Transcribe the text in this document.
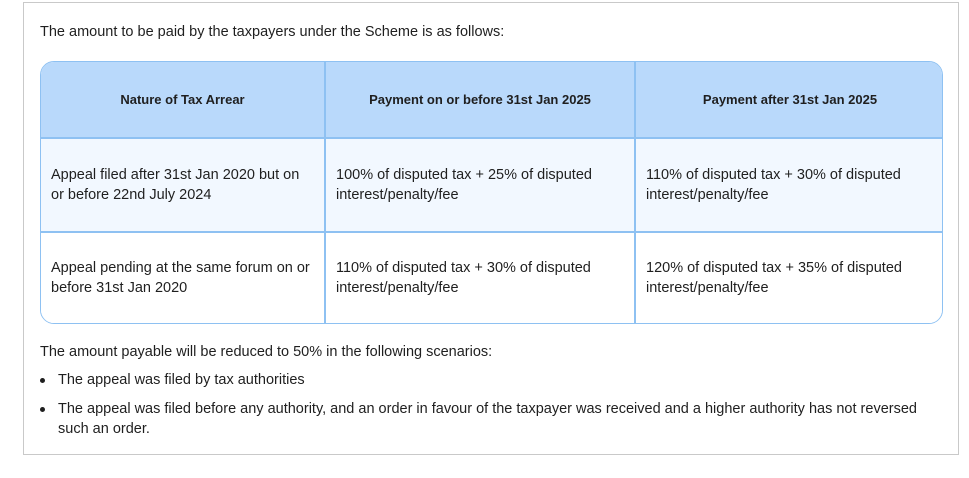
The amount to be paid by the taxpayers under the Scheme is as follows:
Nature of Tax Arrear	Payment on or before 31st Jan 2025	Payment after 31st Jan 2025
Appeal filed after 31st Jan 2020 but on or before 22nd July 2024	100% of disputed tax + 25% of disputed interest/penalty/fee	110% of disputed tax + 30% of disputed interest/penalty/fee
Appeal pending at the same forum on or before 31st Jan 2020	110% of disputed tax + 30% of disputed interest/penalty/fee	120% of disputed tax + 35% of disputed interest/penalty/fee
The amount payable will be reduced to 50% in the following scenarios:
The appeal was filed by tax authorities
The appeal was filed before any authority, and an order in favour of the taxpayer was received and a higher authority has not reversed such an order.
